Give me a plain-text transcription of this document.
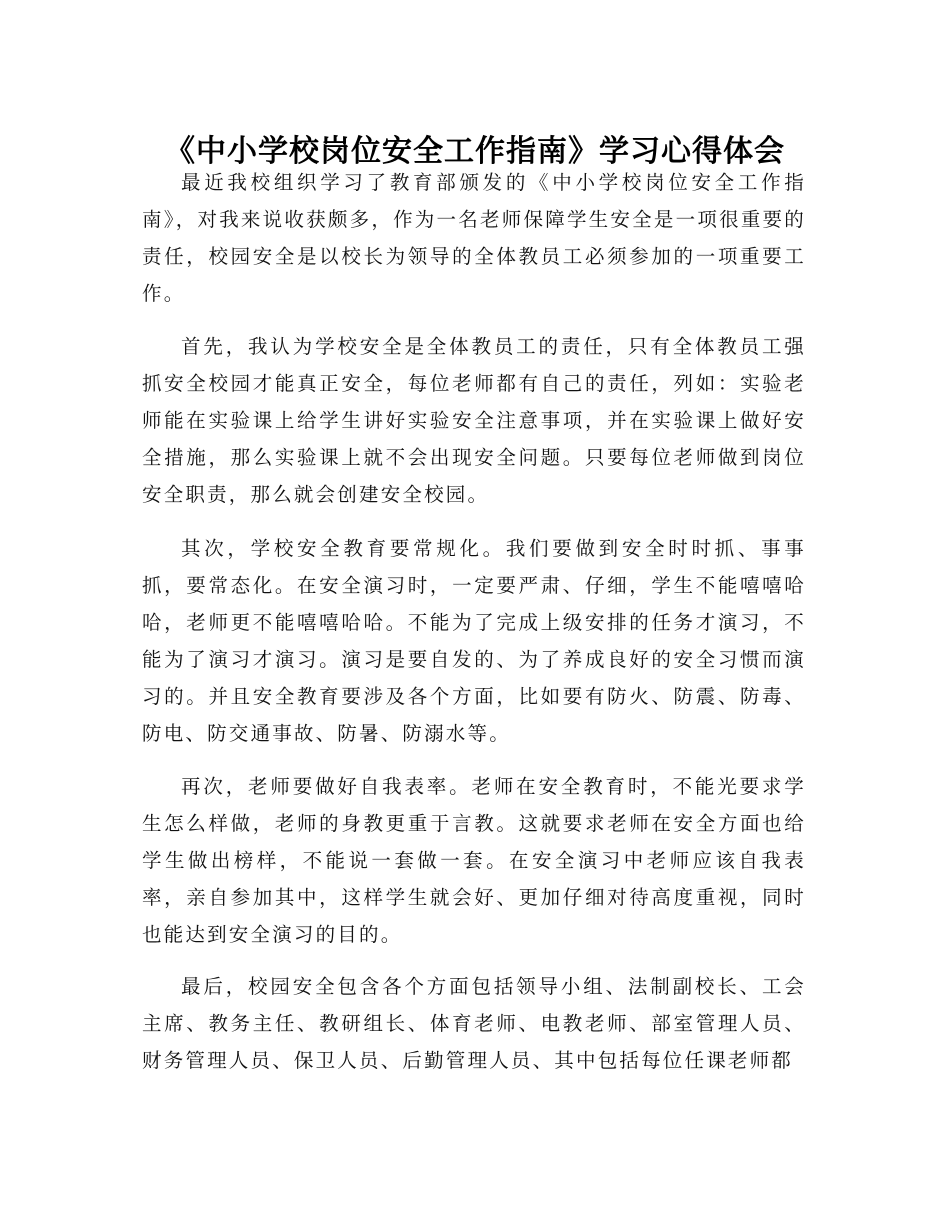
《中小学校岗位安全工作指南》学习心得体会

最近我校组织学习了教育部颁发的《中小学校岗位安全工作指南》，对我来说收获颇多，作为一名老师保障学生安全是一项很重要的责任，校园安全是以校长为领导的全体教员工必须参加的一项重要工作。

首先，我认为学校安全是全体教员工的责任，只有全体教员工强抓安全校园才能真正安全，每位老师都有自己的责任，列如：实验老师能在实验课上给学生讲好实验安全注意事项，并在实验课上做好安全措施，那么实验课上就不会出现安全问题。只要每位老师做到岗位安全职责，那么就会创建安全校园。

其次，学校安全教育要常规化。我们要做到安全时时抓、事事抓，要常态化。在安全演习时，一定要严肃、仔细，学生不能嘻嘻哈哈，老师更不能嘻嘻哈哈。不能为了完成上级安排的任务才演习，不能为了演习才演习。演习是要自发的、为了养成良好的安全习惯而演习的。并且安全教育要涉及各个方面，比如要有防火、防震、防毒、防电、防交通事故、防暑、防溺水等。

再次，老师要做好自我表率。老师在安全教育时，不能光要求学生怎么样做，老师的身教更重于言教。这就要求老师在安全方面也给学生做出榜样，不能说一套做一套。在安全演习中老师应该自我表率，亲自参加其中，这样学生就会好、更加仔细对待高度重视，同时也能达到安全演习的目的。

最后，校园安全包含各个方面包括领导小组、法制副校长、工会主席、教务主任、教研组长、体育老师、电教老师、部室管理人员、财务管理人员、保卫人员、后勤管理人员、其中包括每位任课老师都
